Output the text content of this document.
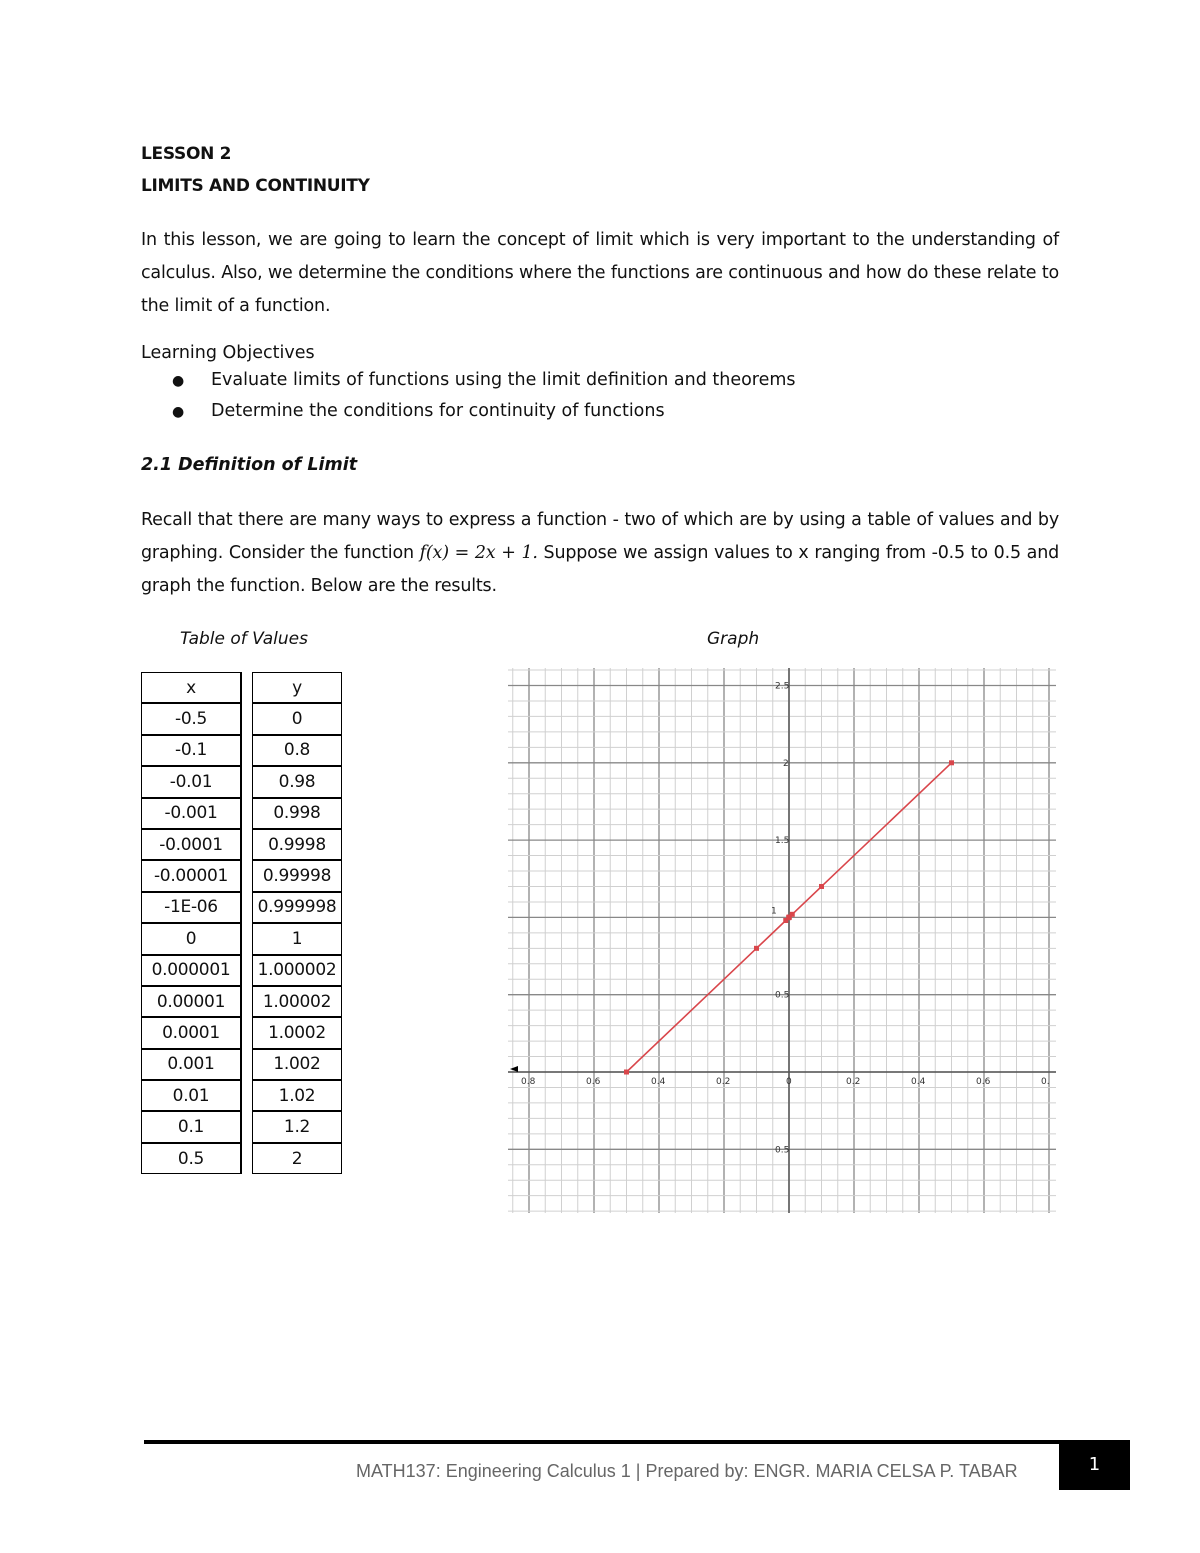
LESSON 2
LIMITS AND CONTINUITY
In this lesson, we are going to learn the concept of limit which is very important to the understanding of calculus. Also, we determine the conditions where the functions are continuous and how do these relate to the limit of a function.
Learning Objectives
● Evaluate limits of functions using the limit definition and theorems
● Determine the conditions for continuity of functions
2.1 Definition of Limit
Recall that there are many ways to express a function - two of which are by using a table of values and by graphing. Consider the function f(x) = 2x + 1. Suppose we assign values to x ranging from -0.5 to 0.5 and graph the function. Below are the results.
Table of Values	Graph
x		y
-0.5		0
-0.1		0.8
-0.01		0.98
-0.001		0.998
-0.0001		0.9998
-0.00001		0.99998
-1E-06		0.999998
0		1
0.000001		1.000002
0.00001		1.00002
0.0001		1.0002
0.001		1.002
0.01		1.02
0.1		1.2
0.5		2
0.8	0.6	0.4	0.2	0	0.2	0.4	0.6	0.
2.5
2
1.5
1
0.5
0.5
MATH137: Engineering Calculus 1 | Prepared by: ENGR. MARIA CELSA P. TABAR	1
